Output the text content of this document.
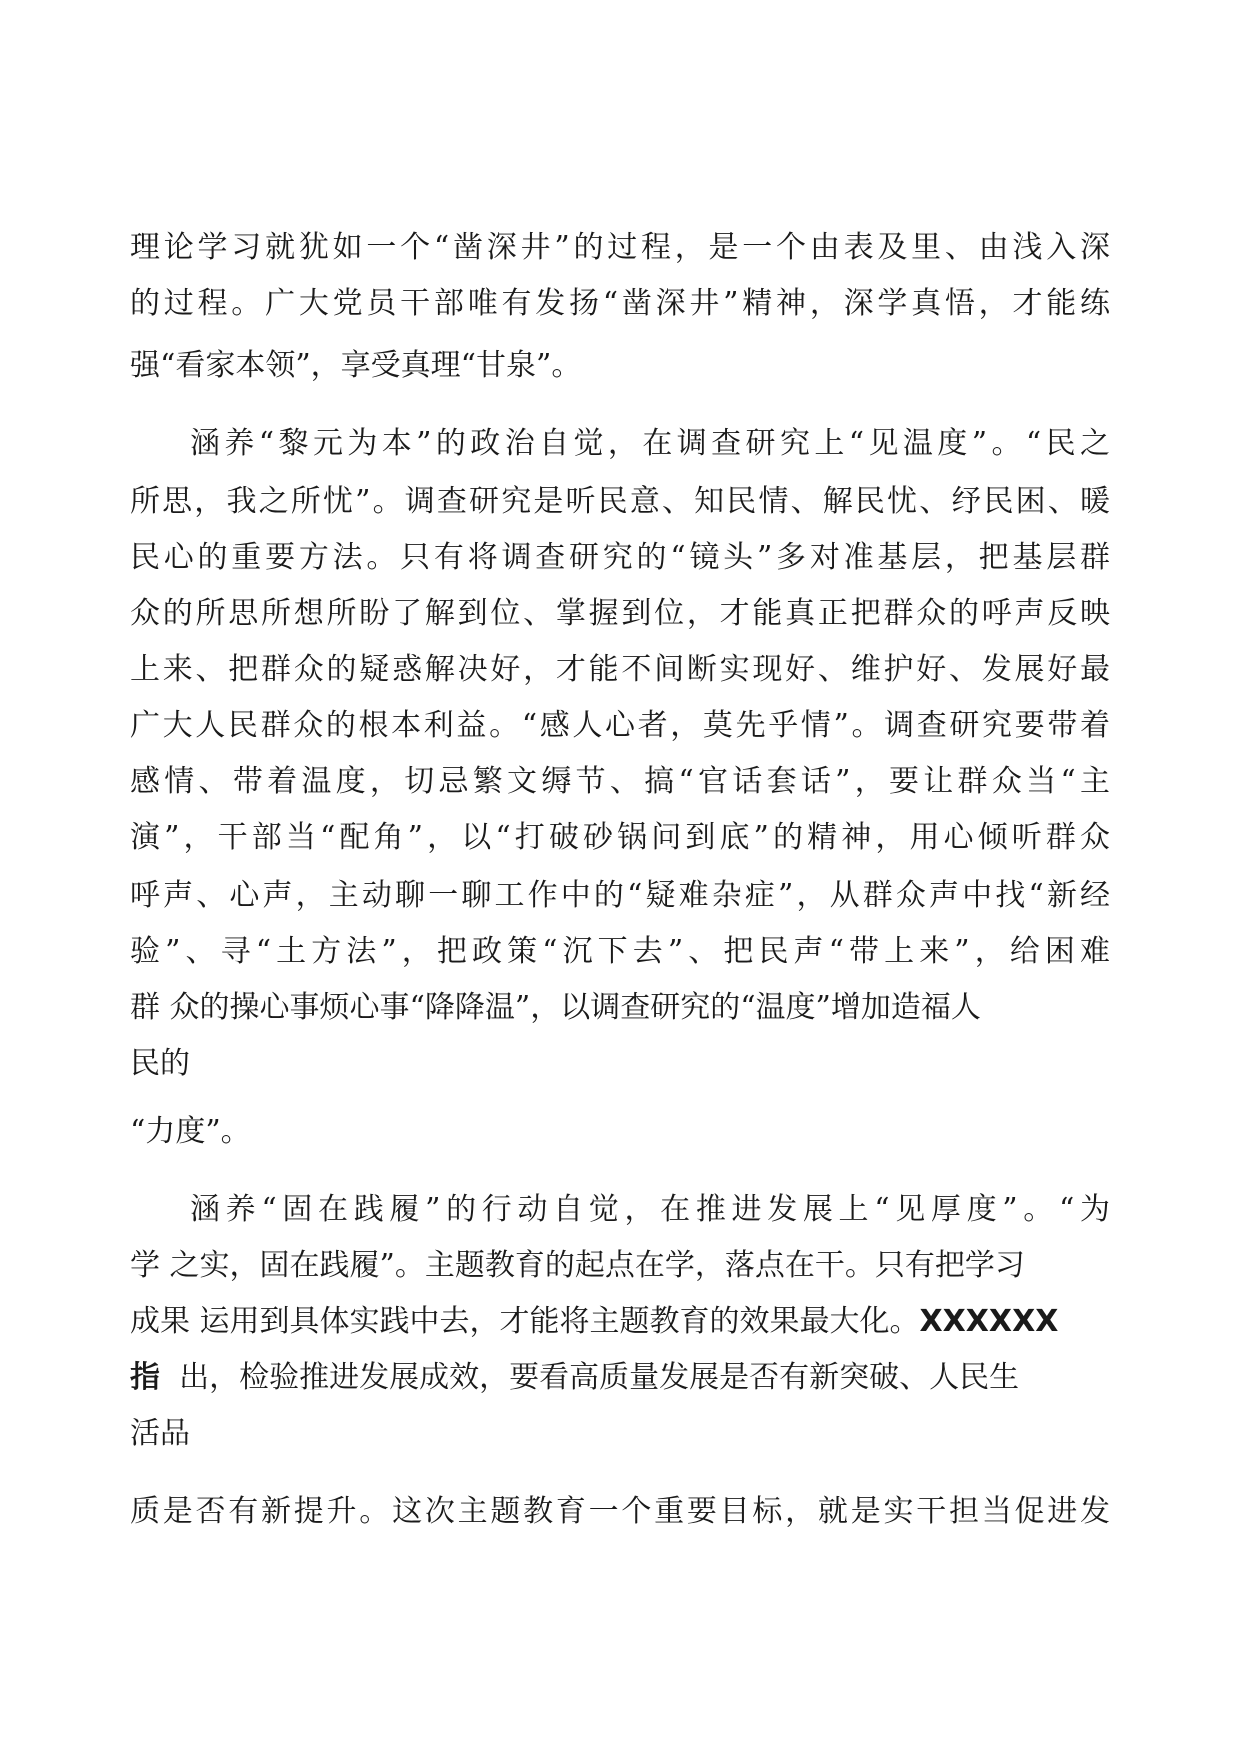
理论学习就犹如一个“凿深井”的过程，是一个由表及里、由浅入深
的过程。广大党员干部唯有发扬“凿深井”精神，深学真悟，才能练
强“看家本领”，享受真理“甘泉”。
涵养“黎元为本”的政治自觉，在调查研究上“见温度”。“民之
所思，我之所忧”。调查研究是听民意、知民情、解民忧、纾民困、暖
民心的重要方法。只有将调查研究的“镜头”多对准基层，把基层群
众的所思所想所盼了解到位、掌握到位，才能真正把群众的呼声反映
上来、把群众的疑惑解决好，才能不间断实现好、维护好、发展好最
广大人民群众的根本利益。“感人心者，莫先乎情”。调查研究要带着
感情、带着温度，切忌繁文缛节、搞“官话套话”，要让群众当“主
演”，干部当“配角”，以“打破砂锅问到底”的精神，用心倾听群众
呼声、心声，主动聊一聊工作中的“疑难杂症”，从群众声中找“新经
验”、寻“土方法”，把政策“沉下去”、把民声“带上来”，给困难
群 众的操心事烦心事“降降温”，以调查研究的“温度”增加造福人
民的
“力度”。
涵养“固在践履”的行动自觉，在推进发展上“见厚度”。“为
学 之实，固在践履”。主题教育的起点在学，落点在干。只有把学习
成果 运用到具体实践中去，才能将主题教育的效果最大化。XXXXXX
指 出，检验推进发展成效，要看高质量发展是否有新突破、人民生
活品
质是否有新提升。这次主题教育一个重要目标，就是实干担当促进发
